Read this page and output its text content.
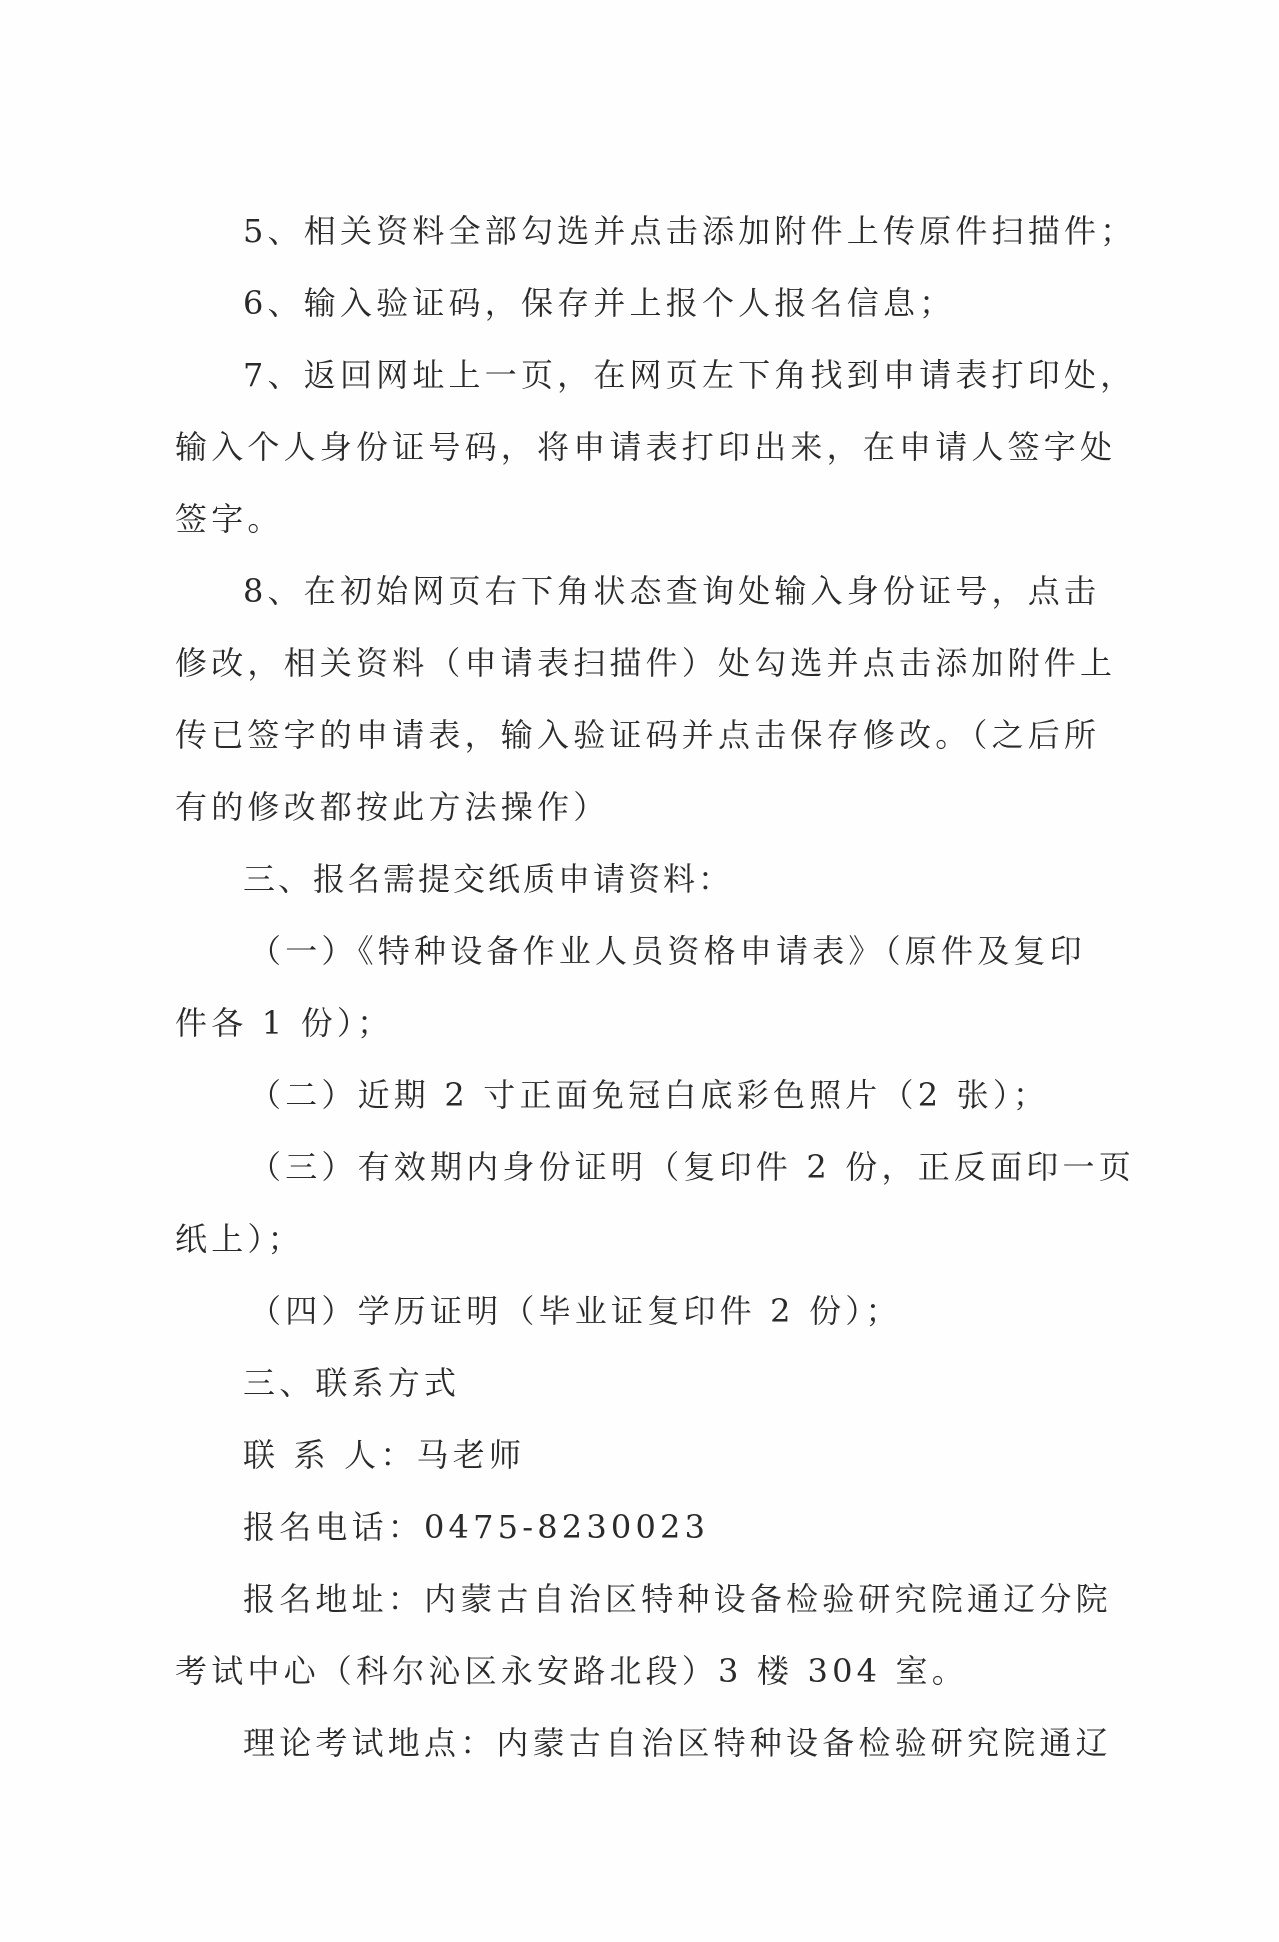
5、相关资料全部勾选并点击添加附件上传原件扫描件；
6、输入验证码，保存并上报个人报名信息；
7、返回网址上一页，在网页左下角找到申请表打印处，
输入个人身份证号码，将申请表打印出来，在申请人签字处
签字。
8、在初始网页右下角状态查询处输入身份证号，点击
修改，相关资料（申请表扫描件）处勾选并点击添加附件上
传已签字的申请表，输入验证码并点击保存修改。（之后所
有的修改都按此方法操作）
三、报名需提交纸质申请资料：
（一）《特种设备作业人员资格申请表》（原件及复印
件各 1 份）；
（二）近期 2 寸正面免冠白底彩色照片（2 张）；
（三）有效期内身份证明（复印件 2 份，正反面印一页
纸上）；
（四）学历证明（毕业证复印件 2 份）；
三、联系方式
联 系 人：马老师
报名电话：0475-8230023
报名地址：内蒙古自治区特种设备检验研究院通辽分院
考试中心（科尔沁区永安路北段）3 楼 304 室。
理论考试地点：内蒙古自治区特种设备检验研究院通辽
